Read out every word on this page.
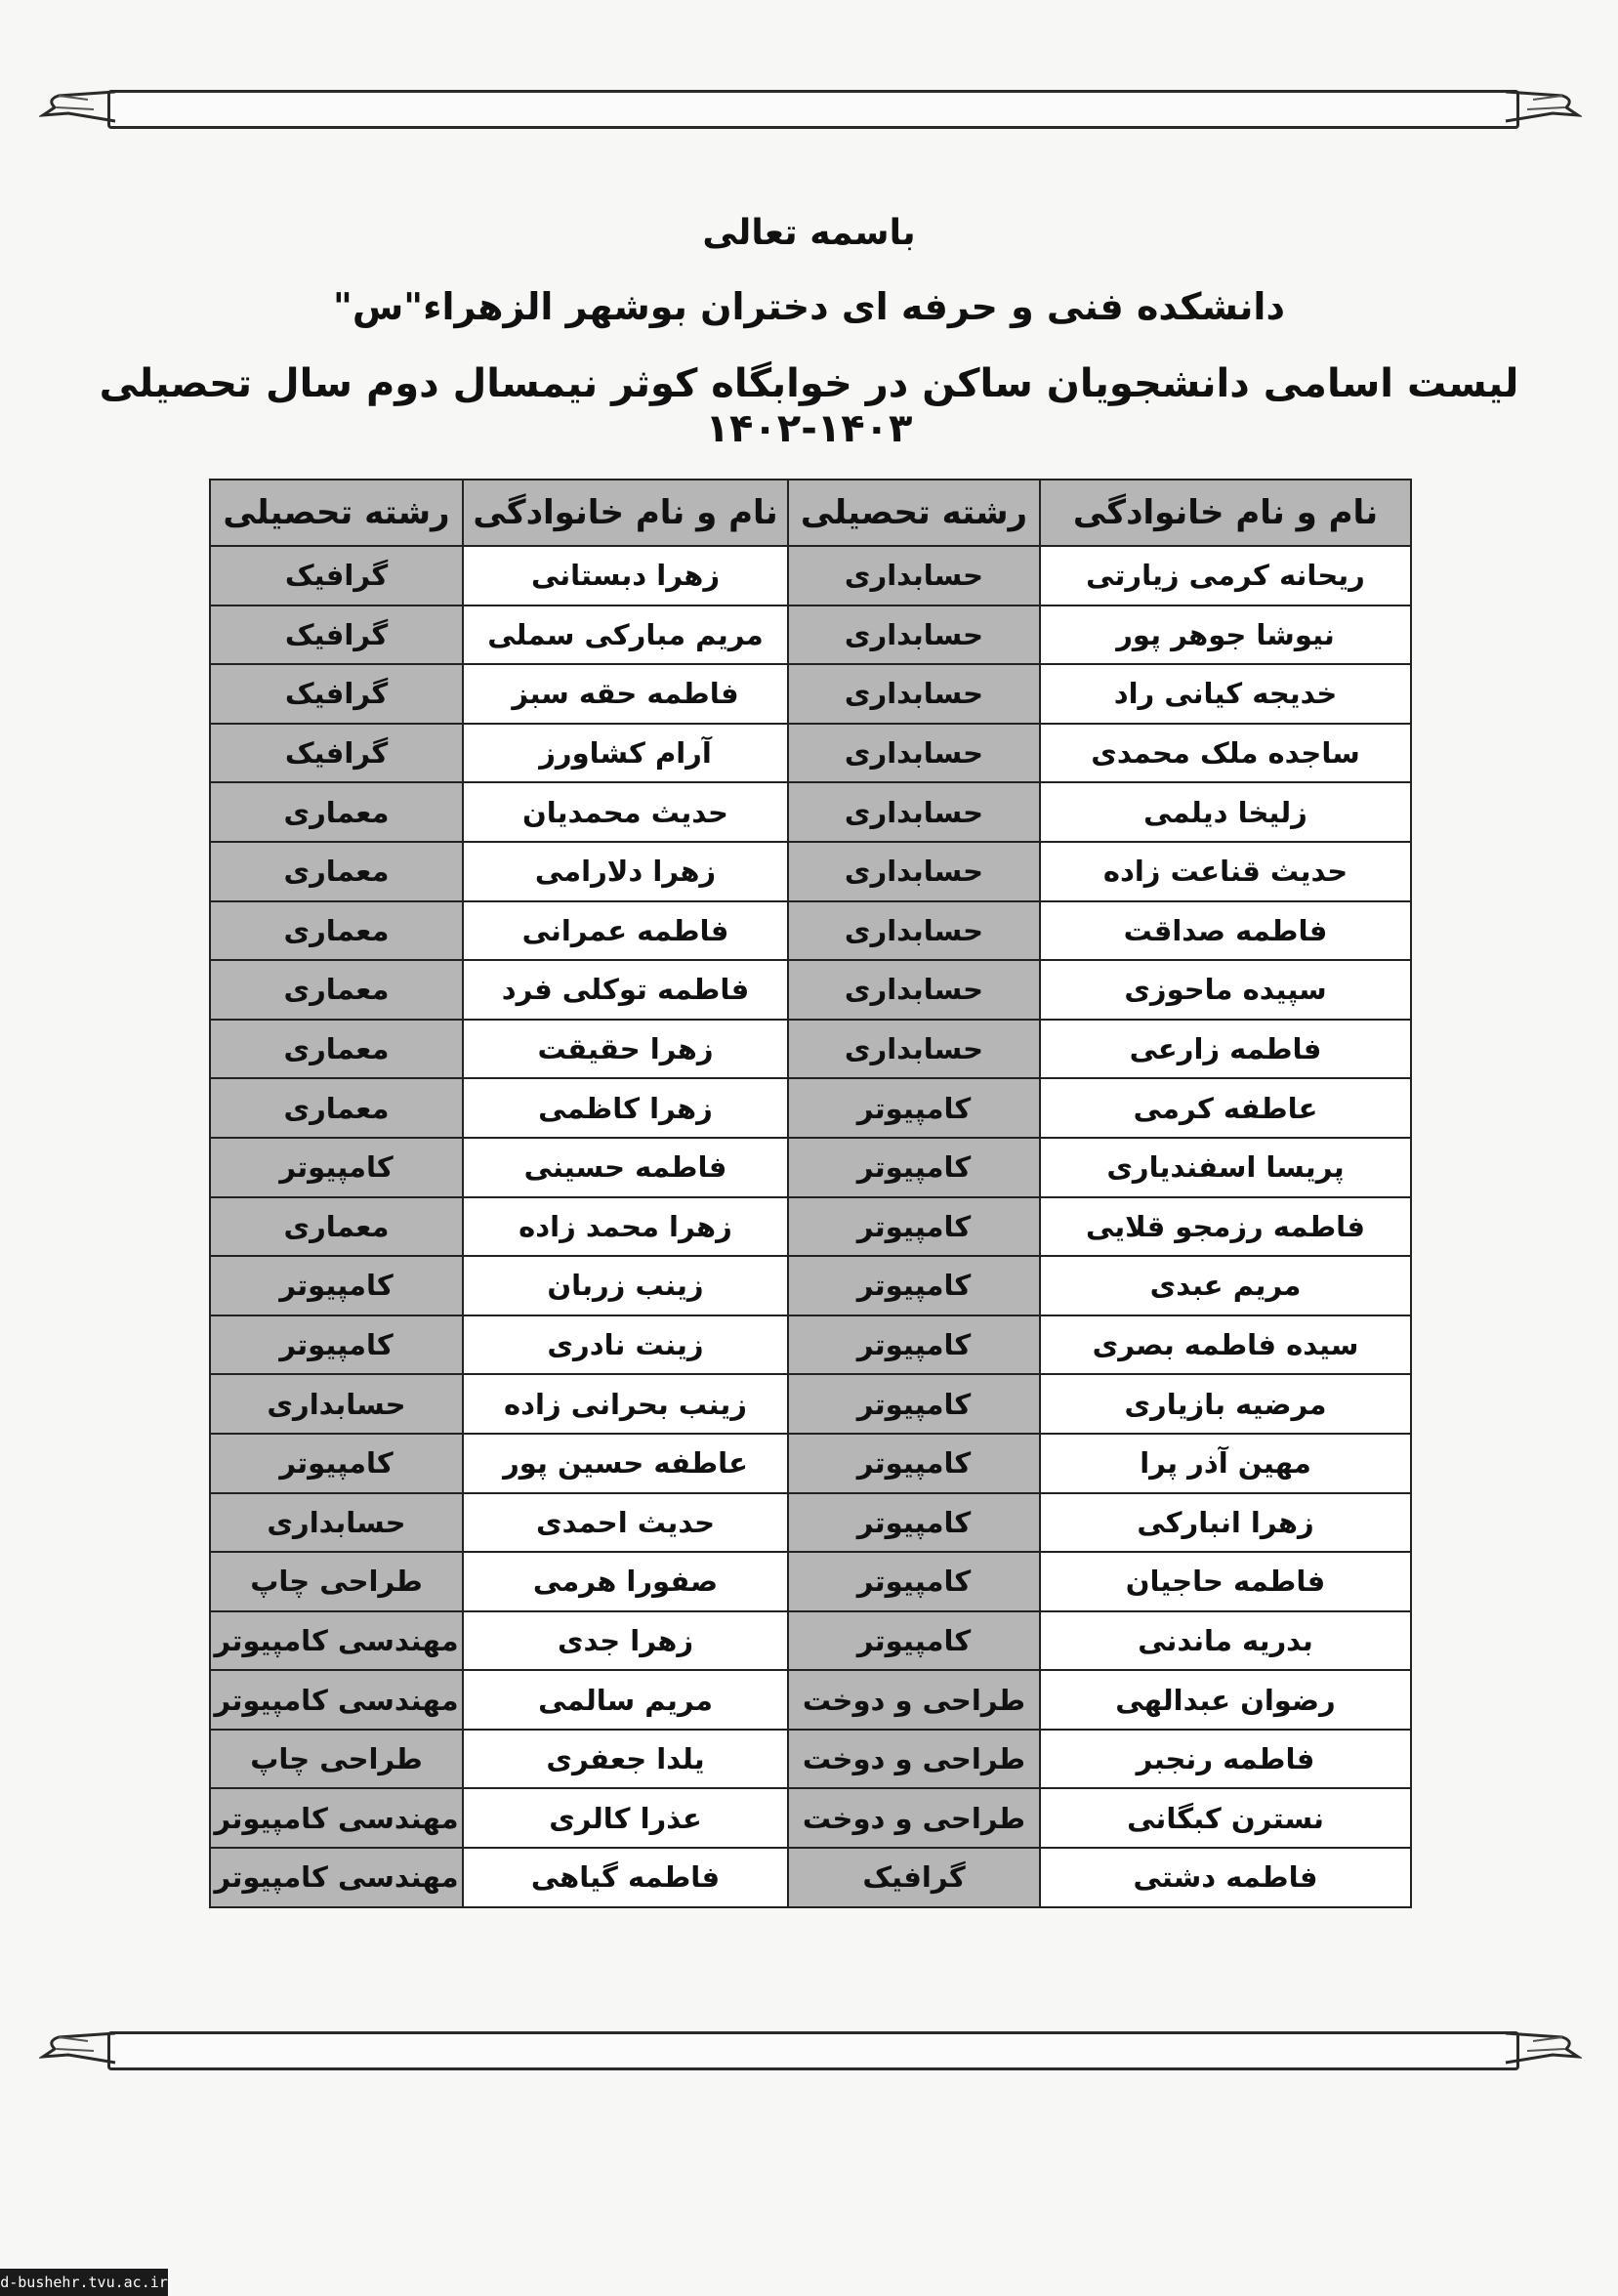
باسمه تعالی
دانشکده فنی و حرفه ای دختران بوشهر الزهراء"س"
لیست اسامی دانشجویان ساکن در خوابگاه کوثر نیمسال دوم سال تحصیلی ۱۴۰۳-۱۴۰۲
نام و نام خانوادگی	رشته تحصیلی	نام و نام خانوادگی	رشته تحصیلی
ریحانه کرمی زیارتی	حسابداری	زهرا دبستانی	گرافیک
نیوشا جوهر پور	حسابداری	مریم مبارکی سملی	گرافیک
خدیجه کیانی راد	حسابداری	فاطمه حقه سبز	گرافیک
ساجده ملک محمدی	حسابداری	آرام کشاورز	گرافیک
زلیخا دیلمی	حسابداری	حدیث محمدیان	معماری
حدیث قناعت زاده	حسابداری	زهرا دلارامی	معماری
فاطمه صداقت	حسابداری	فاطمه عمرانی	معماری
سپیده ماحوزی	حسابداری	فاطمه توکلی فرد	معماری
فاطمه زارعی	حسابداری	زهرا حقیقت	معماری
عاطفه کرمی	کامپیوتر	زهرا کاظمی	معماری
پریسا اسفندیاری	کامپیوتر	فاطمه حسینی	کامپیوتر
فاطمه رزمجو قلایی	کامپیوتر	زهرا محمد زاده	معماری
مریم عبدی	کامپیوتر	زینب زربان	کامپیوتر
سیده فاطمه بصری	کامپیوتر	زینت نادری	کامپیوتر
مرضیه بازیاری	کامپیوتر	زینب بحرانی زاده	حسابداری
مهین آذر پرا	کامپیوتر	عاطفه حسین پور	کامپیوتر
زهرا انبارکی	کامپیوتر	حدیث احمدی	حسابداری
فاطمه حاجیان	کامپیوتر	صفورا هرمی	طراحی چاپ
بدریه ماندنی	کامپیوتر	زهرا جدی	مهندسی کامپیوتر
رضوان عبدالهی	طراحی و دوخت	مریم سالمی	مهندسی کامپیوتر
فاطمه رنجبر	طراحی و دوخت	یلدا جعفری	طراحی چاپ
نسترن کبگانی	طراحی و دوخت	عذرا کالری	مهندسی کامپیوتر
فاطمه دشتی	گرافیک	فاطمه گیاهی	مهندسی کامپیوتر
d-bushehr.tvu.ac.ir
